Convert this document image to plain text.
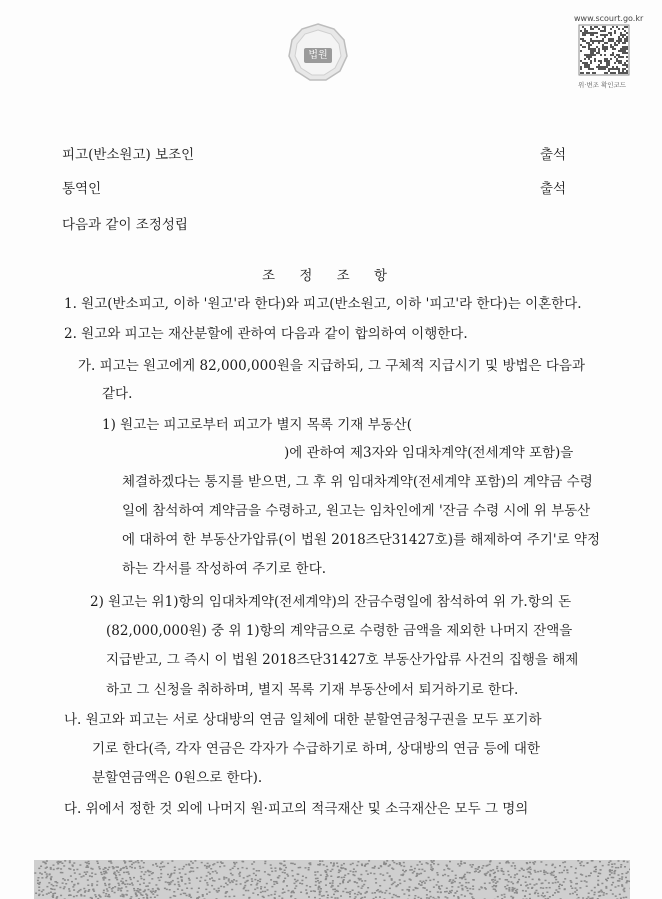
법원
www.scourt.go.kr
위·변조 확인코드
피고(반소원고) 보조인	출석
통역인	출석
다음과 같이 조정성립
조 정 조 항
1. 원고(반소피고, 이하 '원고'라 한다)와 피고(반소원고, 이하 '피고'라 한다)는 이혼한다.
2. 원고와 피고는 재산분할에 관하여 다음과 같이 합의하여 이행한다.
가. 피고는 원고에게 82,000,000원을 지급하되, 그 구체적 지급시기 및 방법은 다음과
같다.
1) 원고는 피고로부터 피고가 별지 목록 기재 부동산(
)에 관하여 제3자와 임대차계약(전세계약 포함)을
체결하겠다는 통지를 받으면, 그 후 위 임대차계약(전세계약 포함)의 계약금 수령
일에 참석하여 계약금을 수령하고, 원고는 임차인에게 '잔금 수령 시에 위 부동산
에 대하여 한 부동산가압류(이 법원 2018즈단31427호)를 해제하여 주기'로 약정
하는 각서를 작성하여 주기로 한다.
2) 원고는 위1)항의 임대차계약(전세계약)의 잔금수령일에 참석하여 위 가.항의 돈
(82,000,000원) 중 위 1)항의 계약금으로 수령한 금액을 제외한 나머지 잔액을
지급받고, 그 즉시 이 법원 2018즈단31427호 부동산가압류 사건의 집행을 해제
하고 그 신청을 취하하며, 별지 목록 기재 부동산에서 퇴거하기로 한다.
나. 원고와 피고는 서로 상대방의 연금 일체에 대한 분할연금청구권을 모두 포기하
기로 한다(즉, 각자 연금은 각자가 수급하기로 하며, 상대방의 연금 등에 대한
분할연금액은 0원으로 한다).
다. 위에서 정한 것 외에 나머지 원·피고의 적극재산 및 소극재산은 모두 그 명의
